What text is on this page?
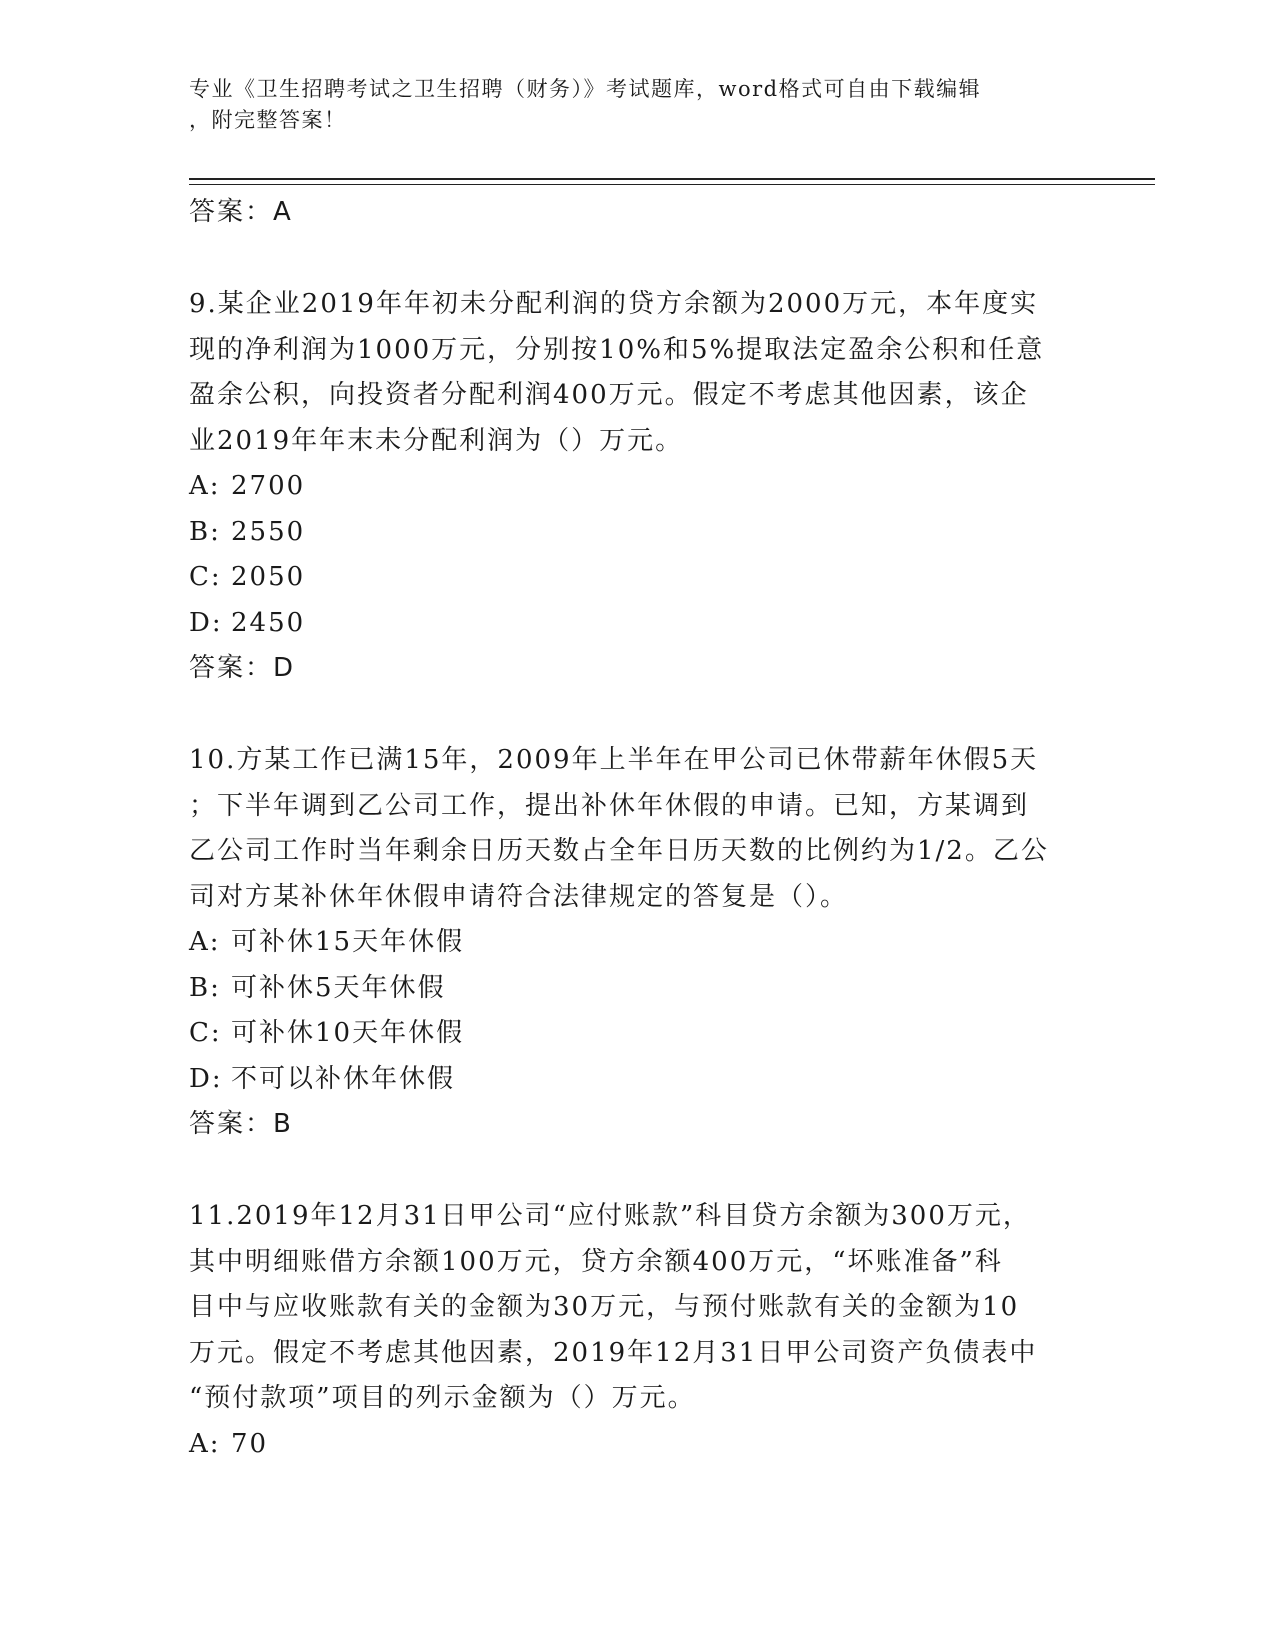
专业《卫生招聘考试之卫生招聘（财务）》考试题库，word格式可自由下载编辑
，附完整答案！
答案：A
9.某企业2019年年初未分配利润的贷方余额为2000万元，本年度实
现的净利润为1000万元，分别按10%和5%提取法定盈余公积和任意
盈余公积，向投资者分配利润400万元。假定不考虑其他因素，该企
业2019年年末未分配利润为（）万元。
A: 2700
B: 2550
C: 2050
D: 2450
答案：D
10.方某工作已满15年，2009年上半年在甲公司已休带薪年休假5天
；下半年调到乙公司工作，提出补休年休假的申请。已知，方某调到
乙公司工作时当年剩余日历天数占全年日历天数的比例约为1/2。乙公
司对方某补休年休假申请符合法律规定的答复是（）。
A: 可补休15天年休假
B: 可补休5天年休假
C: 可补休10天年休假
D: 不可以补休年休假
答案：B
11.2019年12月31日甲公司“应付账款”科目贷方余额为300万元，
其中明细账借方余额100万元，贷方余额400万元，“坏账准备”科
目中与应收账款有关的金额为30万元，与预付账款有关的金额为10
万元。假定不考虑其他因素，2019年12月31日甲公司资产负债表中
“预付款项”项目的列示金额为（）万元。
A: 70
